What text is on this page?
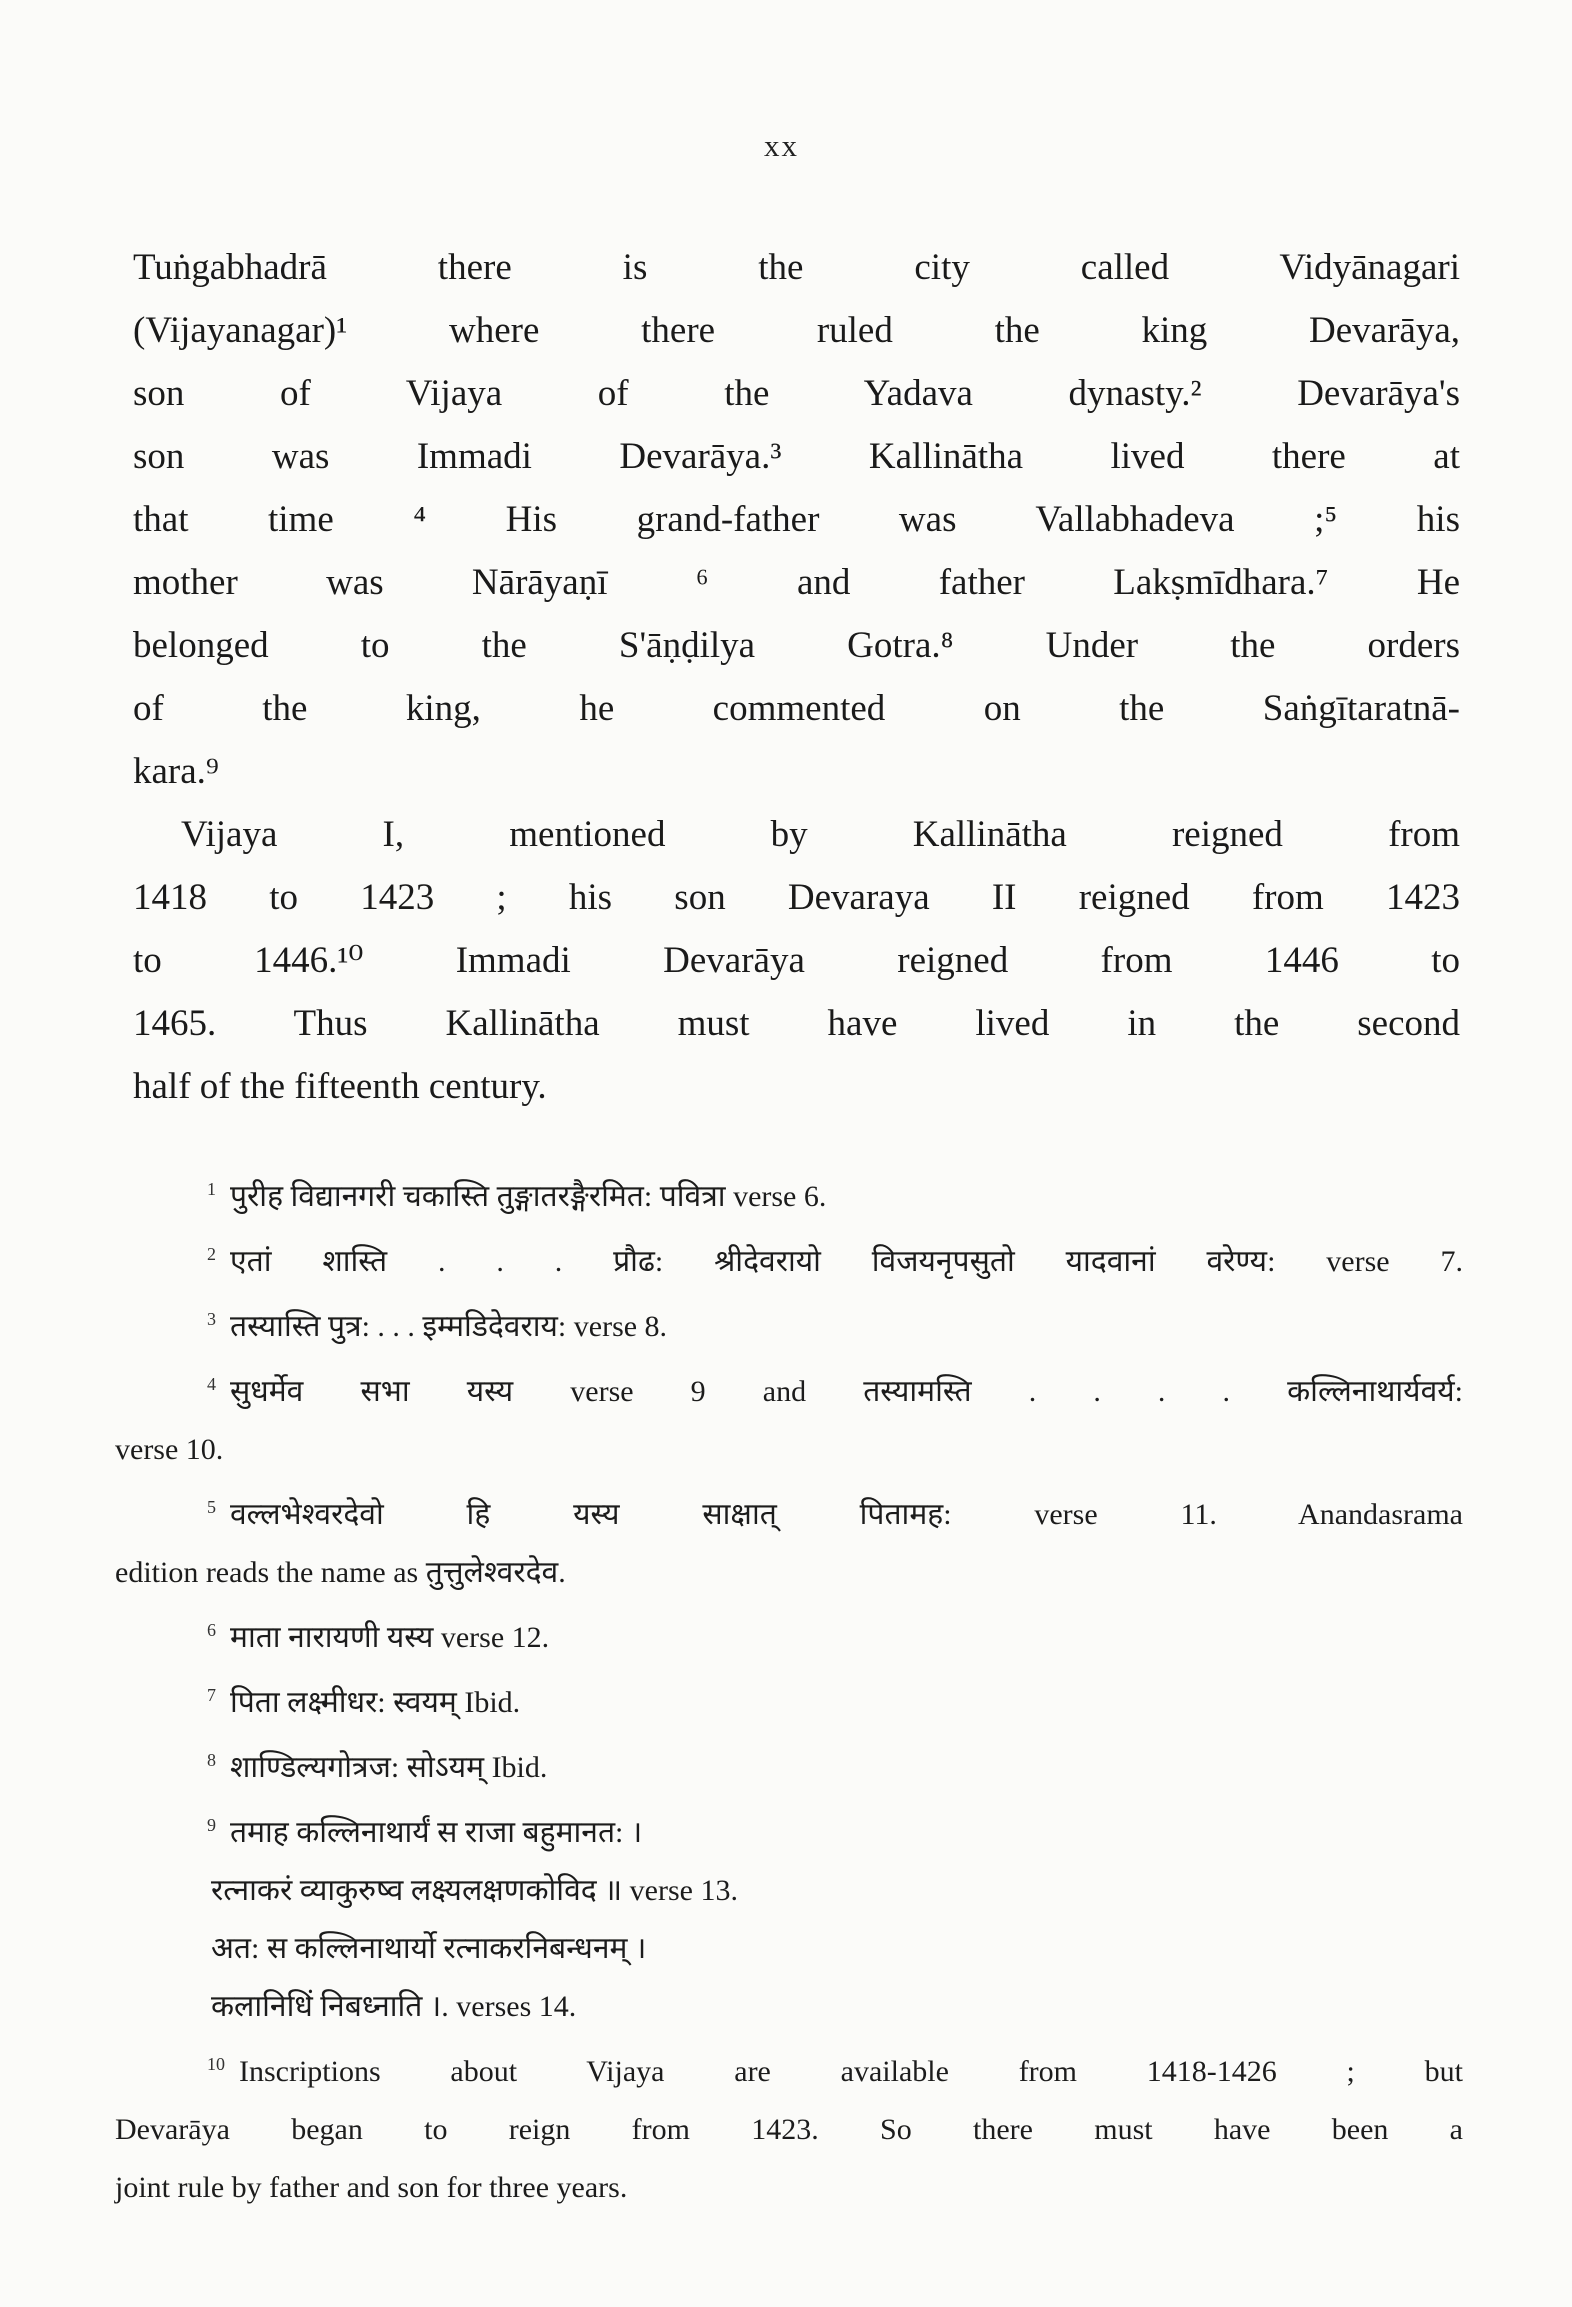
xx
Tuṅgabhadrā there is the city called Vidyānagari
(Vijayanagar)¹ where there ruled the king Devarāya,
son of Vijaya of the Yadava dynasty.² Devarāya's
son was Immadi Devarāya.³ Kallinātha lived there at
that time ⁴ His grand-father was Vallabhadeva ;⁵ his
mother was Nārāyaṇī ⁶ and father Lakṣmīdhara.⁷ He
belonged to the S'āṇḍilya Gotra.⁸ Under the orders
of the king, he commented on the Saṅgītaratnā-
kara.⁹
Vijaya I, mentioned by Kallinātha reigned from
1418 to 1423 ; his son Devaraya II reigned from 1423
to 1446.¹⁰ Immadi Devarāya reigned from 1446 to
1465. Thus Kallinātha must have lived in the second
half of the fifteenth century.
$^1$ पुरीह विद्यानगरी चकास्ति तुङ्गातरङ्गैरमित: पवित्रा verse 6.
$^2$ एतां शास्ति . . . प्रौढ: श्रीदेवरायो विजयनृपसुतो यादवानां वरेण्य: verse 7.
$^3$ तस्यास्ति पुत्र: . . . इम्मडिदेवराय: verse 8.
$^4$ सुधर्मेव सभा यस्य verse 9 and तस्यामस्ति . . . . कल्लिनाथार्यवर्य:
verse 10.
$^5$ वल्लभेश्वरदेवो हि यस्य साक्षात् पितामह: verse 11. Anandasrama
edition reads the name as तुत्तुलेश्वरदेव.
$^6$ माता नारायणी यस्य verse 12.
$^7$ पिता लक्ष्मीधर: स्वयम् Ibid.
$^8$ शाण्डिल्यगोत्रज: सोऽयम् Ibid.
$^9$ तमाह कल्लिनाथार्यं स राजा बहुमानत: ।
रत्नाकरं व्याकुरुष्व लक्ष्यलक्षणकोविद ॥ verse 13.
अत: स कल्लिनाथार्यो रत्नाकरनिबन्धनम् ।
कलानिधिं निबध्नाति ।. verses 14.
$^{10}$ Inscriptions about Vijaya are available from 1418-1426 ; but
Devarāya began to reign from 1423. So there must have been a
joint rule by father and son for three years.
